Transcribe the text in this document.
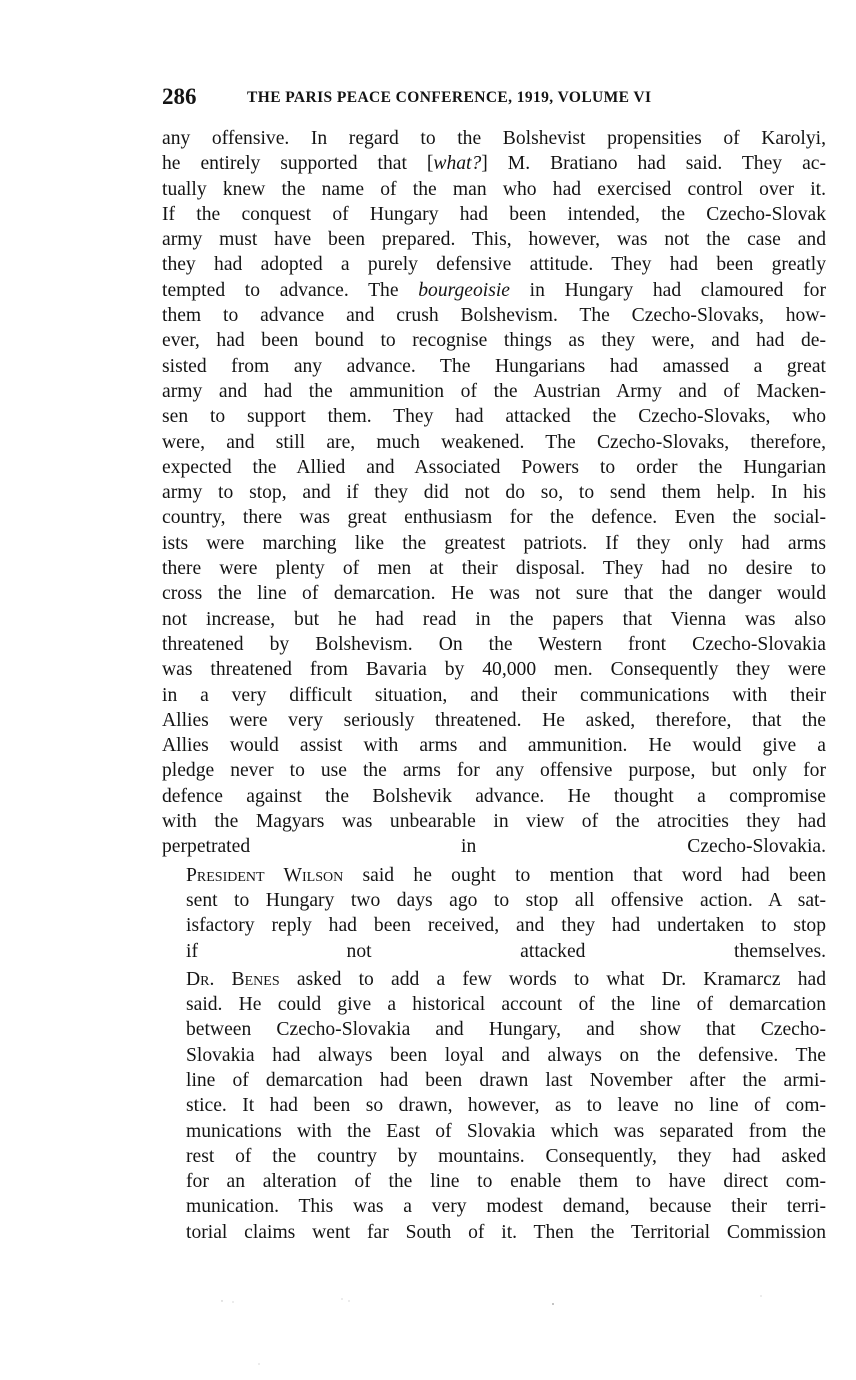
286	THE PARIS PEACE CONFERENCE, 1919, VOLUME VI

any offensive. In regard to the Bolshevist propensities of Karolyi,
he entirely supported that [what?] M. Bratiano had said. They ac-
tually knew the name of the man who had exercised control over it.
If the conquest of Hungary had been intended, the Czecho-Slovak
army must have been prepared. This, however, was not the case and
they had adopted a purely defensive attitude. They had been greatly
tempted to advance. The bourgeoisie in Hungary had clamoured for
them to advance and crush Bolshevism. The Czecho-Slovaks, how-
ever, had been bound to recognise things as they were, and had de-
sisted from any advance. The Hungarians had amassed a great
army and had the ammunition of the Austrian Army and of Macken-
sen to support them. They had attacked the Czecho-Slovaks, who
were, and still are, much weakened. The Czecho-Slovaks, therefore,
expected the Allied and Associated Powers to order the Hungarian
army to stop, and if they did not do so, to send them help. In his
country, there was great enthusiasm for the defence. Even the social-
ists were marching like the greatest patriots. If they only had arms
there were plenty of men at their disposal. They had no desire to
cross the line of demarcation. He was not sure that the danger would
not increase, but he had read in the papers that Vienna was also
threatened by Bolshevism. On the Western front Czecho-Slovakia
was threatened from Bavaria by 40,000 men. Consequently they were
in a very difficult situation, and their communications with their
Allies were very seriously threatened. He asked, therefore, that the
Allies would assist with arms and ammunition. He would give a
pledge never to use the arms for any offensive purpose, but only for
defence against the Bolshevik advance. He thought a compromise
with the Magyars was unbearable in view of the atrocities they had
perpetrated in Czecho-Slovakia.

President Wilson said he ought to mention that word had been
sent to Hungary two days ago to stop all offensive action. A sat-
isfactory reply had been received, and they had undertaken to stop
if not attacked themselves.

Dr. Benes asked to add a few words to what Dr. Kramarcz had
said. He could give a historical account of the line of demarcation
between Czecho-Slovakia and Hungary, and show that Czecho-
Slovakia had always been loyal and always on the defensive. The
line of demarcation had been drawn last November after the armi-
stice. It had been so drawn, however, as to leave no line of com-
munications with the East of Slovakia which was separated from the
rest of the country by mountains. Consequently, they had asked
for an alteration of the line to enable them to have direct com-
munication. This was a very modest demand, because their terri-
torial claims went far South of it. Then the Territorial Commission
